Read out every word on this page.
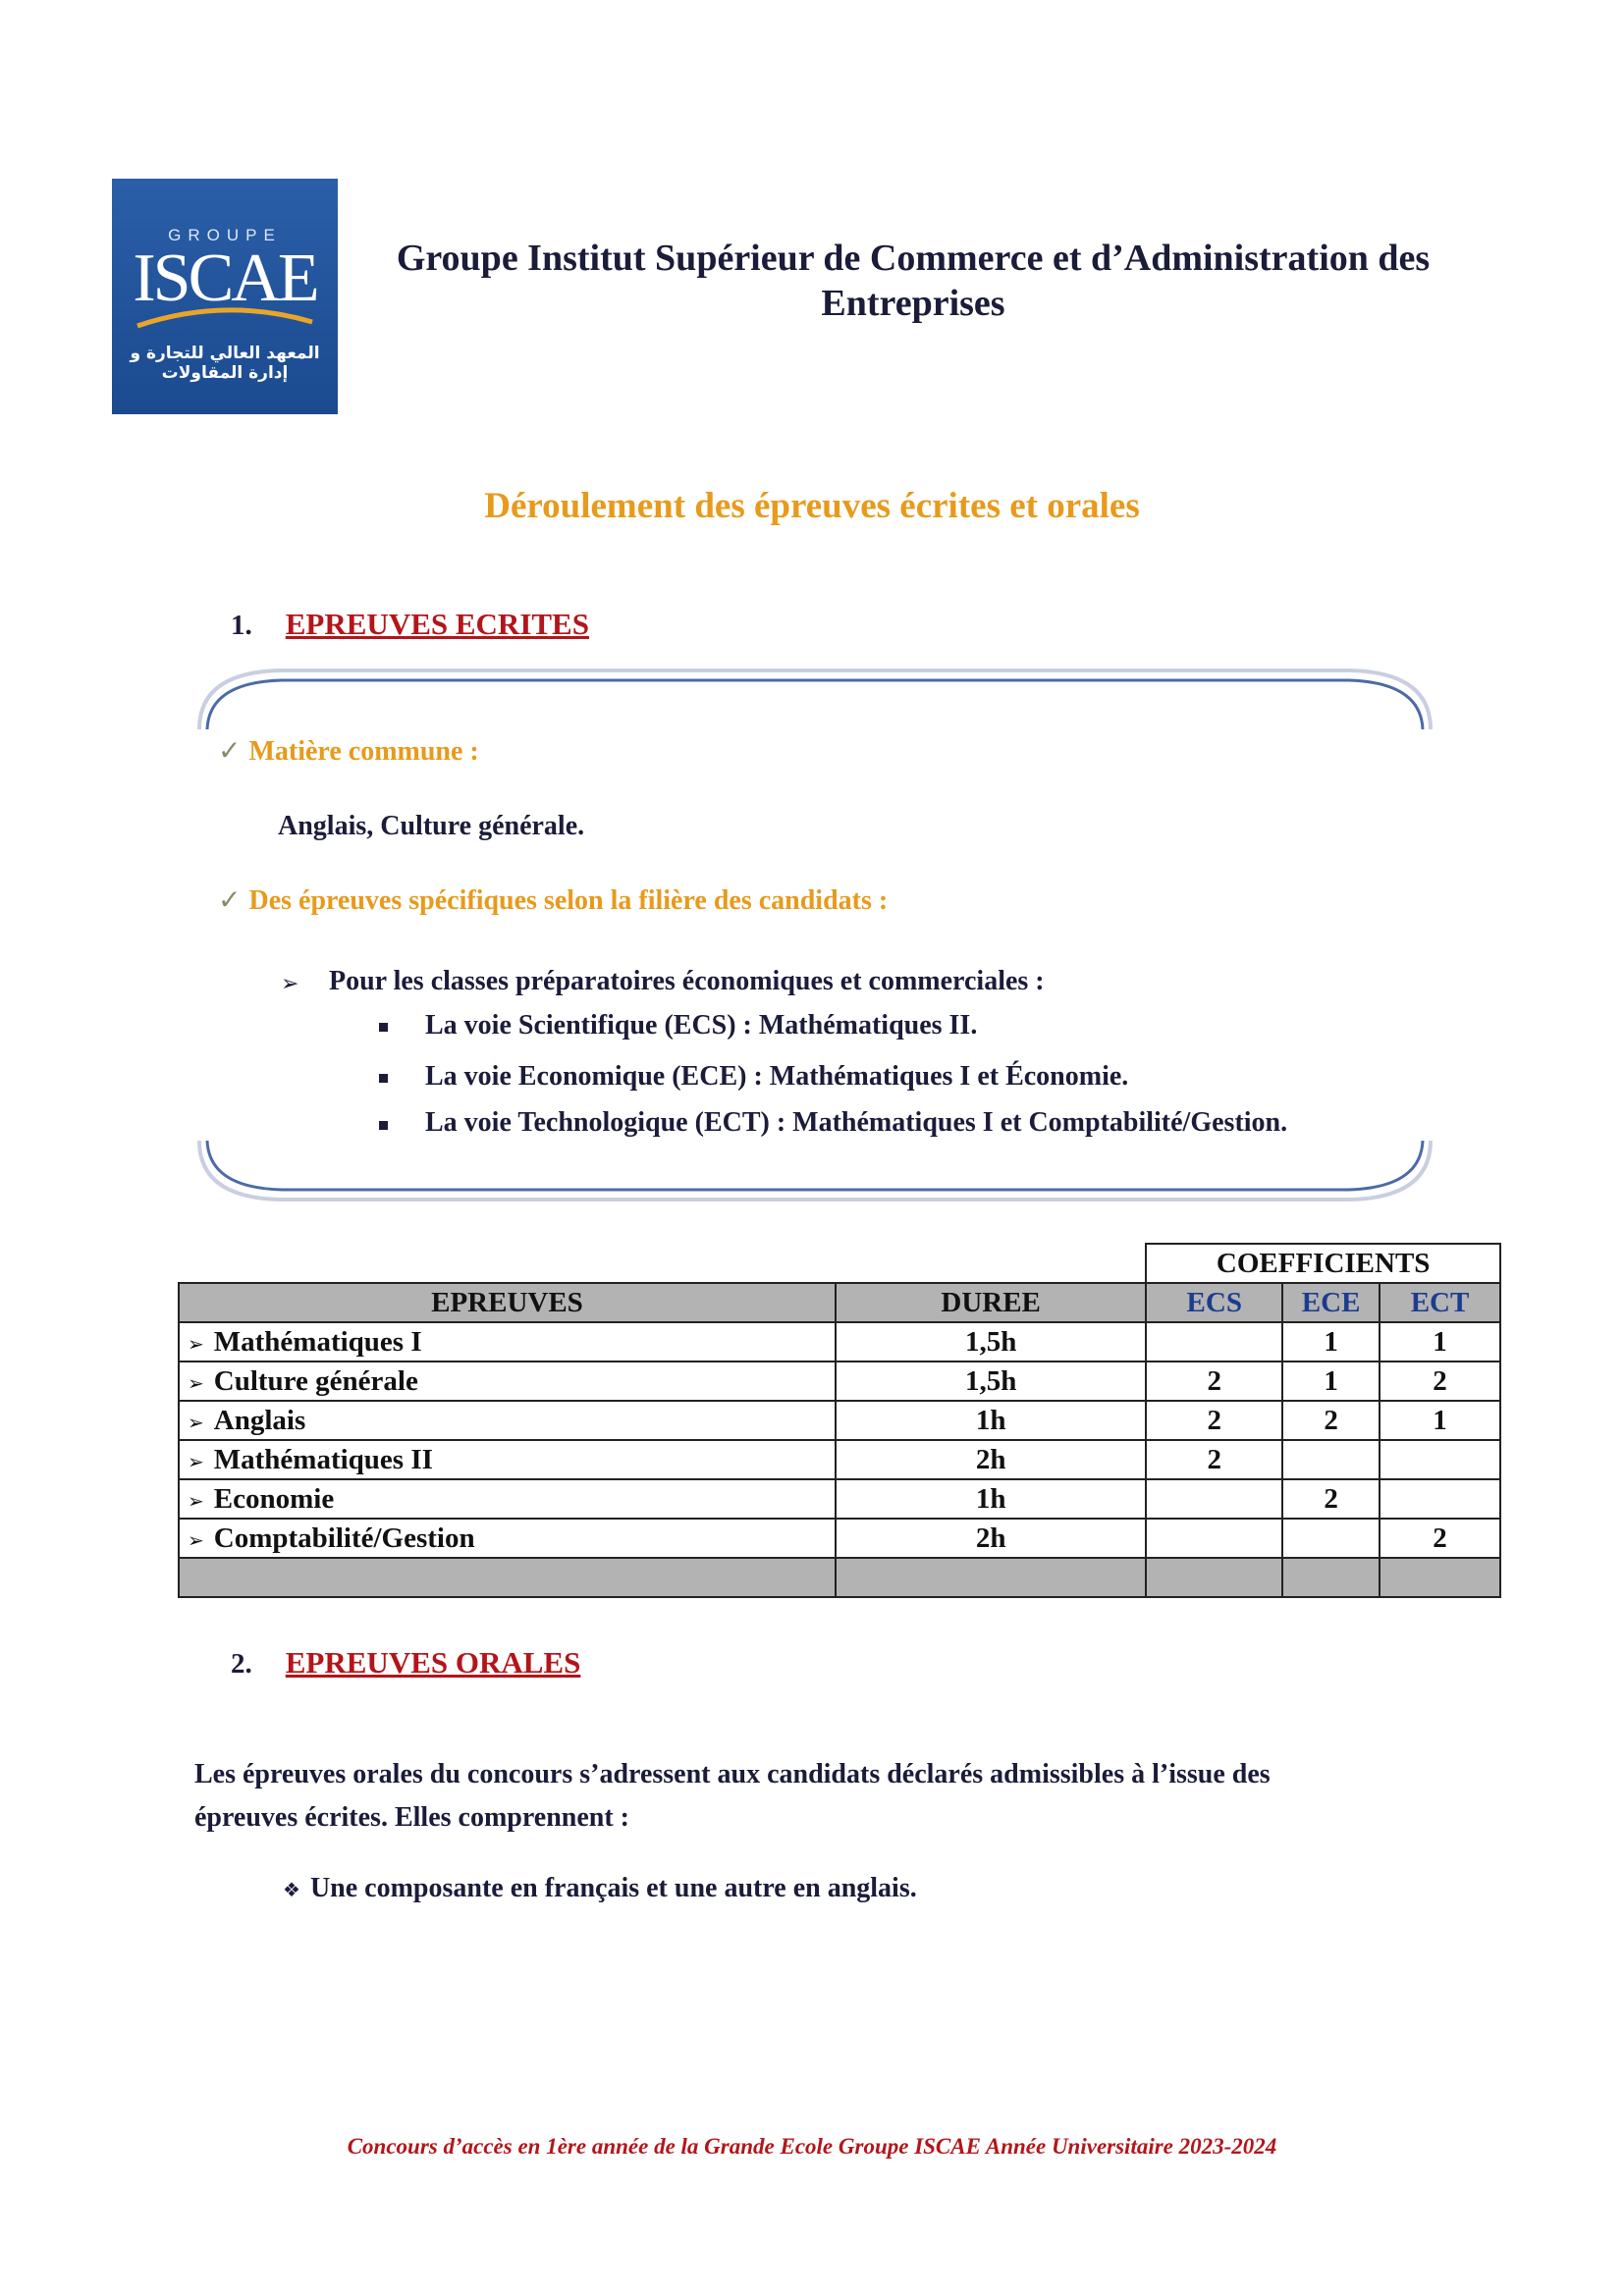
GROUPE
ISCAE
المعهد العالي للتجارة و إدارة المقاولات
Groupe Institut Supérieur de Commerce et d’Administration des
Entreprises
Déroulement des épreuves écrites et orales
1. EPREUVES ECRITES
✓ Matière commune :
Anglais, Culture générale.
✓ Des épreuves spécifiques selon la filière des candidats :
➢ Pour les classes préparatoires économiques et commerciales :
La voie Scientifique (ECS) : Mathématiques II.
La voie Economique (ECE) : Mathématiques I et Économie.
La voie Technologique (ECT) : Mathématiques I et Comptabilité/Gestion.
		COEFFICIENTS		
EPREUVES	DUREE	ECS	ECE	ECT
➢ Mathématiques I	1,5h		1	1
➢ Culture générale	1,5h	2	1	2
➢ Anglais	1h	2	2	1
➢ Mathématiques II	2h	2		
➢ Economie	1h		2	
➢ Comptabilité/Gestion	2h			2

2. EPREUVES ORALES
Les épreuves orales du concours s’adressent aux candidats déclarés admissibles à l’issue des
épreuves écrites. Elles comprennent :
❖ Une composante en français et une autre en anglais.
Concours d’accès en 1ère année de la Grande Ecole Groupe ISCAE Année Universitaire 2023-2024
